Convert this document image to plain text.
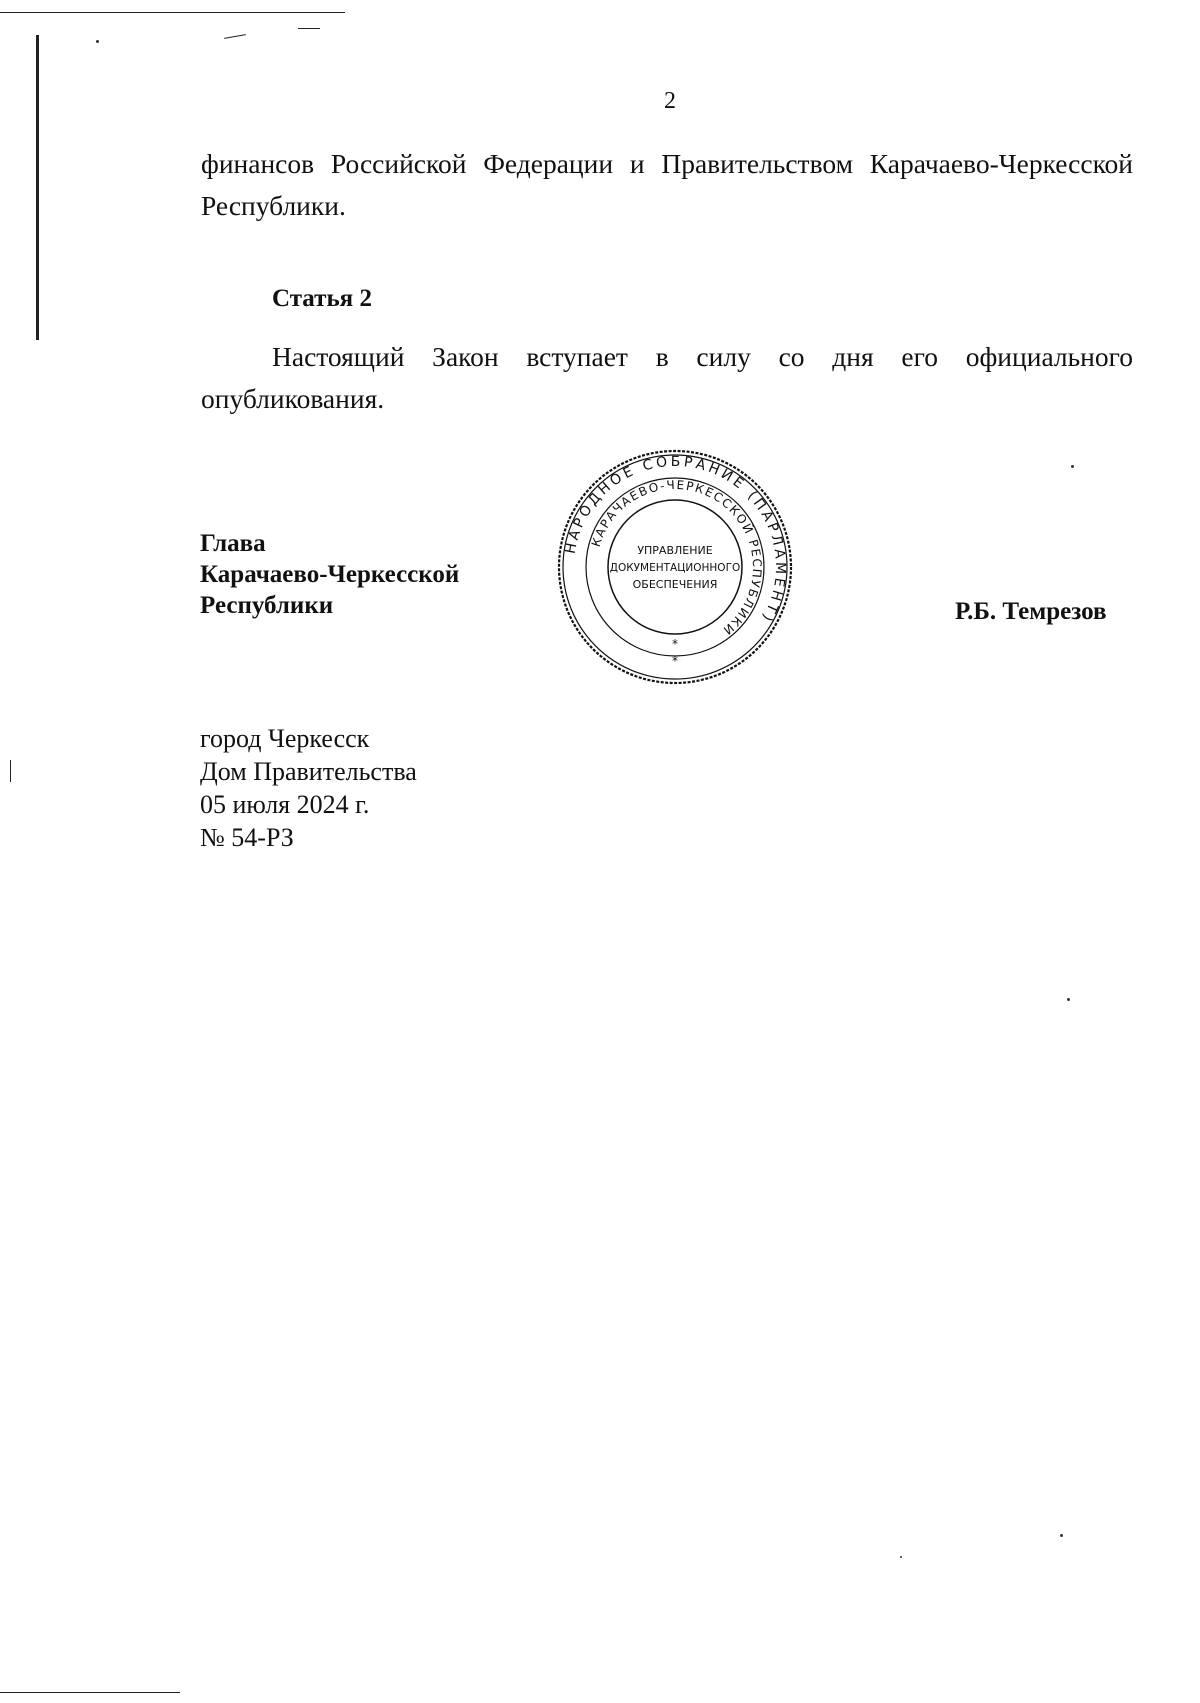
2
финансов Российской Федерации и Правительством Карачаево-Черкесской
Республики.
Статья 2
Настоящий Закон вступает в силу со дня его официального
опубликования.
Глава
Карачаево-Черкесской
Республики
НАРОДНОЕ СОБРАНИЕ (ПАРЛАМЕНТ)
КАРАЧАЕВО-ЧЕРКЕССКОЙ РЕСПУБЛИКИ
УПРАВЛЕНИЕ
ДОКУМЕНТАЦИОННОГО
ОБЕСПЕЧЕНИЯ
*
*
Р.Б. Темрезов
город Черкесск
Дом Правительства
05 июля 2024 г.
№ 54-РЗ
